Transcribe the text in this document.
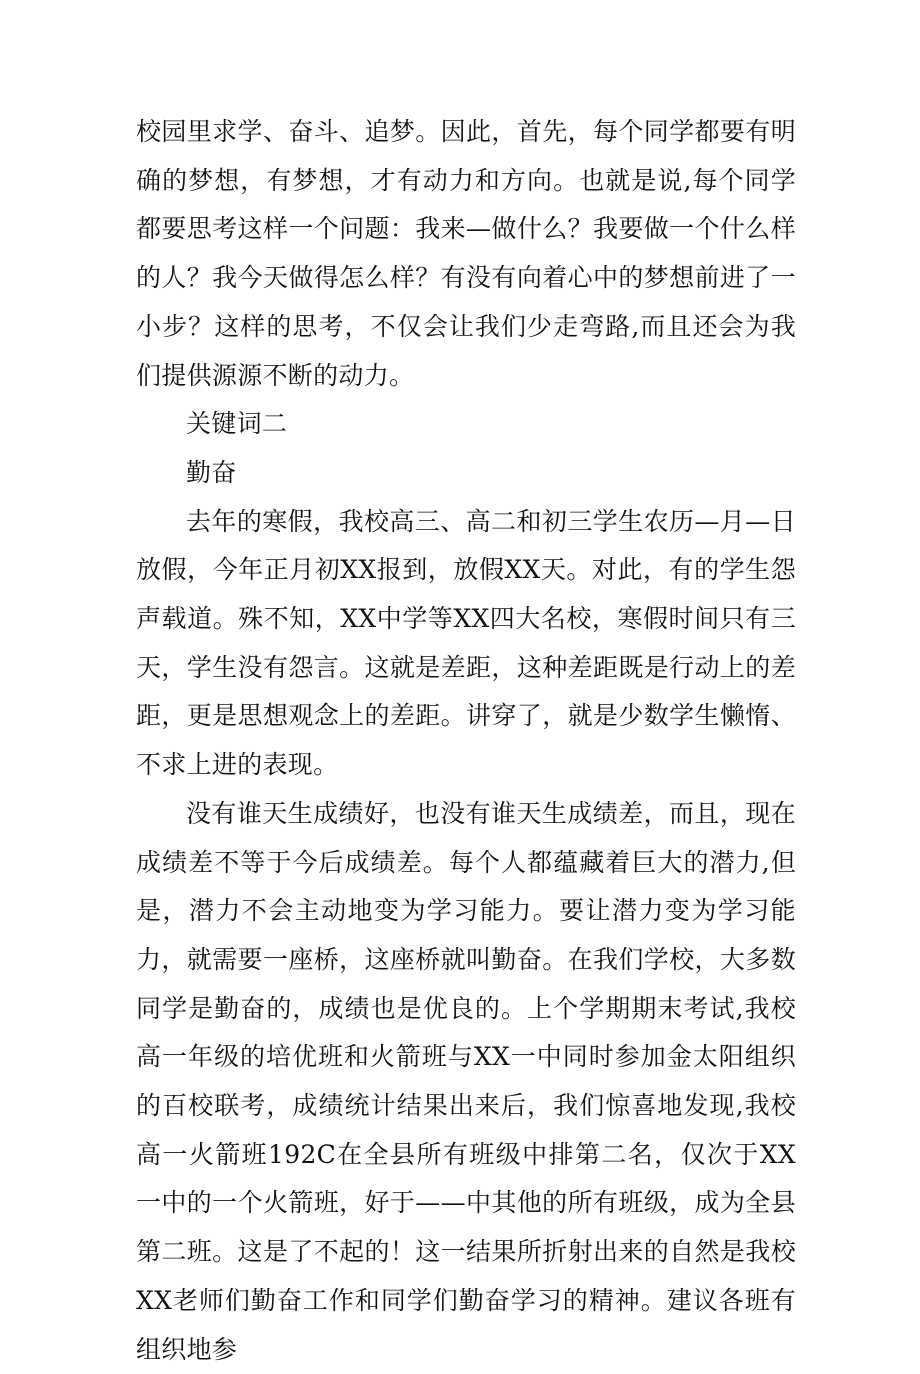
校园里求学、奋斗、追梦。因此，首先，每个同学都要有明确的梦想，有梦想，才有动力和方向。也就是说,每个同学都要思考这样一个问题：我来—做什么？我要做一个什么样的人？我今天做得怎么样？有没有向着心中的梦想前进了一小步？这样的思考，不仅会让我们少走弯路,而且还会为我们提供源源不断的动力。

关键词二

勤奋

去年的寒假，我校高三、高二和初三学生农历—月—日放假，今年正月初XX报到，放假XX天。对此，有的学生怨声载道。殊不知，XX中学等XX四大名校，寒假时间只有三天，学生没有怨言。这就是差距，这种差距既是行动上的差距，更是思想观念上的差距。讲穿了，就是少数学生懒惰、不求上进的表现。

没有谁天生成绩好，也没有谁天生成绩差，而且，现在成绩差不等于今后成绩差。每个人都蕴藏着巨大的潜力,但是，潜力不会主动地变为学习能力。要让潜力变为学习能力，就需要一座桥，这座桥就叫勤奋。在我们学校，大多数同学是勤奋的，成绩也是优良的。上个学期期末考试,我校高一年级的培优班和火箭班与XX一中同时参加金太阳组织的百校联考，成绩统计结果出来后，我们惊喜地发现,我校高一火箭班192C在全县所有班级中排第二名，仅次于XX一中的一个火箭班，好于——中其他的所有班级，成为全县第二班。这是了不起的！这一结果所折射出来的自然是我校XX老师们勤奋工作和同学们勤奋学习的精神。建议各班有组织地参
